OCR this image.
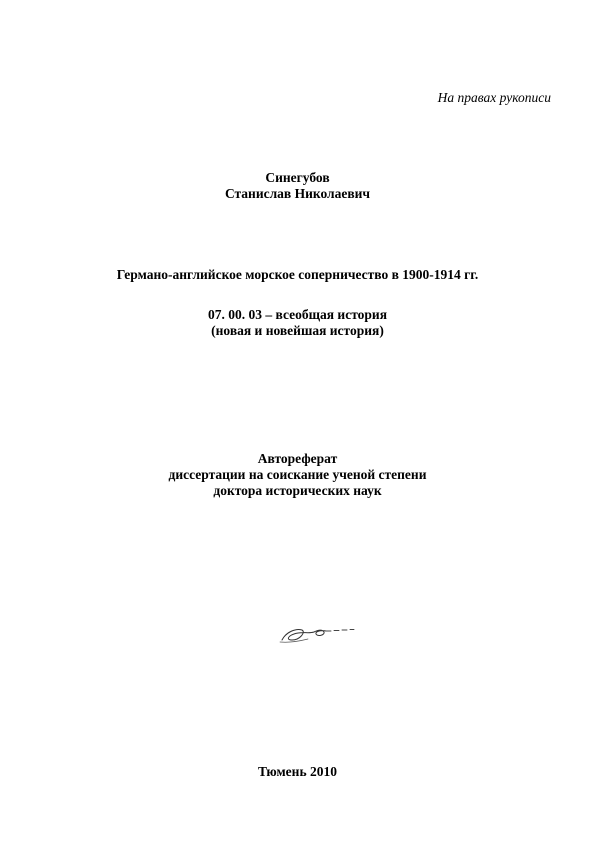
На правах рукописи
Синегубов
Станислав Николаевич
Германо-английское морское соперничество в 1900-1914 гг.
07. 00. 03 – всеобщая история
(новая и новейшая история)
Автореферат
диссертации на соискание ученой степени
доктора исторических наук
Тюмень 2010
